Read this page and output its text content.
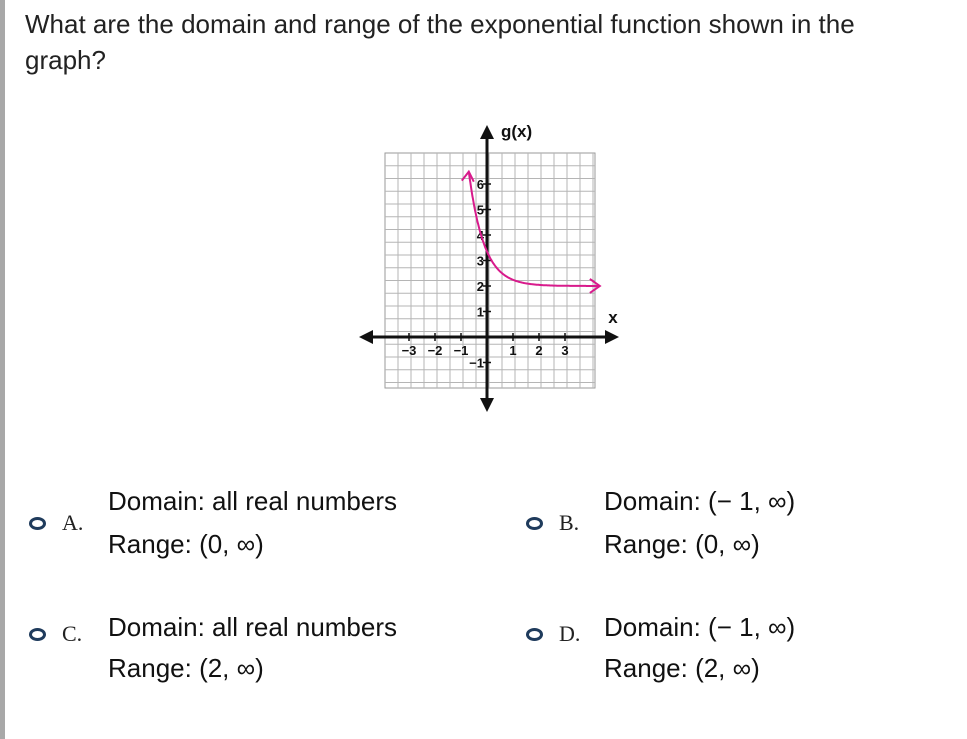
What are the domain and range of the exponential function shown in the graph?
−3 −2 −1	1 2 3
6
5
4
3
2
1
−1
g(x)
x
A.
Domain: all real numbers
Range: (0, ∞)
B.
Domain: (− 1, ∞)
Range: (0, ∞)
C. Domain: all real numbers
Range: (2, ∞)
D. Domain: (− 1, ∞)
Range: (2, ∞)
